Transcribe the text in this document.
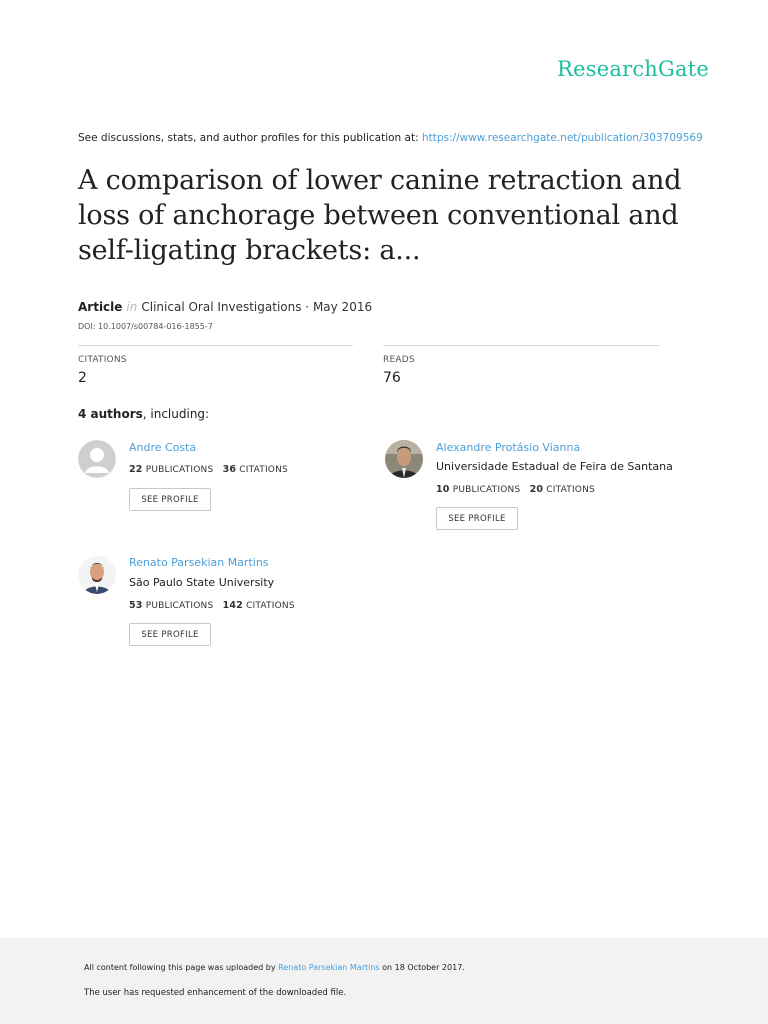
ResearchGate
See discussions, stats, and author profiles for this publication at: https://www.researchgate.net/publication/303709569
A comparison of lower canine retraction and loss of anchorage between conventional and self-ligating brackets: a...
Article in Clinical Oral Investigations · May 2016
DOI: 10.1007/s00784-016-1855-7
CITATIONS
2
READS
76
4 authors, including:
Andre Costa
22 PUBLICATIONS 36 CITATIONS
SEE PROFILE
Alexandre Protásio Vianna
Universidade Estadual de Feira de Santana
10 PUBLICATIONS 20 CITATIONS
SEE PROFILE
Renato Parsekian Martins
São Paulo State University
53 PUBLICATIONS 142 CITATIONS
SEE PROFILE
All content following this page was uploaded by Renato Parsekian Martins on 18 October 2017.
The user has requested enhancement of the downloaded file.
